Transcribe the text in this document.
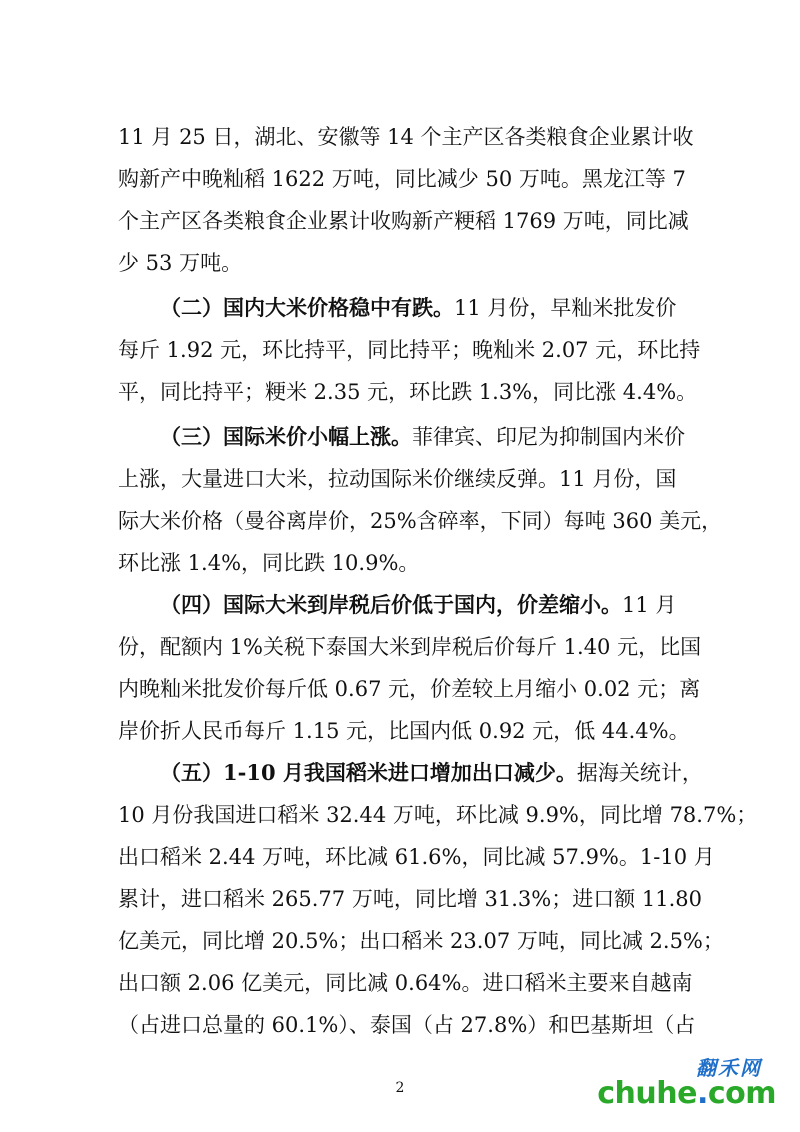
11 月 25 日，湖北、安徽等 14 个主产区各类粮食企业累计收
购新产中晚籼稻 1622 万吨，同比减少 50 万吨。黑龙江等 7
个主产区各类粮食企业累计收购新产粳稻 1769 万吨，同比减
少 53 万吨。
（二）国内大米价格稳中有跌。11 月份，早籼米批发价
每斤 1.92 元，环比持平，同比持平；晚籼米 2.07 元，环比持
平，同比持平；粳米 2.35 元，环比跌 1.3%，同比涨 4.4%。
（三）国际米价小幅上涨。菲律宾、印尼为抑制国内米价
上涨，大量进口大米，拉动国际米价继续反弹。11 月份，国
际大米价格（曼谷离岸价，25%含碎率，下同）每吨 360 美元，
环比涨 1.4%，同比跌 10.9%。
（四）国际大米到岸税后价低于国内，价差缩小。11 月
份，配额内 1%关税下泰国大米到岸税后价每斤 1.40 元，比国
内晚籼米批发价每斤低 0.67 元，价差较上月缩小 0.02 元；离
岸价折人民币每斤 1.15 元，比国内低 0.92 元，低 44.4%。
（五）1-10 月我国稻米进口增加出口减少。据海关统计，
10 月份我国进口稻米 32.44 万吨，环比减 9.9%，同比增 78.7%；
出口稻米 2.44 万吨，环比减 61.6%，同比减 57.9%。1-10 月
累计，进口稻米 265.77 万吨，同比增 31.3%；进口额 11.80
亿美元，同比增 20.5%；出口稻米 23.07 万吨，同比减 2.5%；
出口额 2.06 亿美元，同比减 0.64%。进口稻米主要来自越南
（占进口总量的 60.1%）、泰国（占 27.8%）和巴基斯坦（占
2
翻禾网
chuhe.com
